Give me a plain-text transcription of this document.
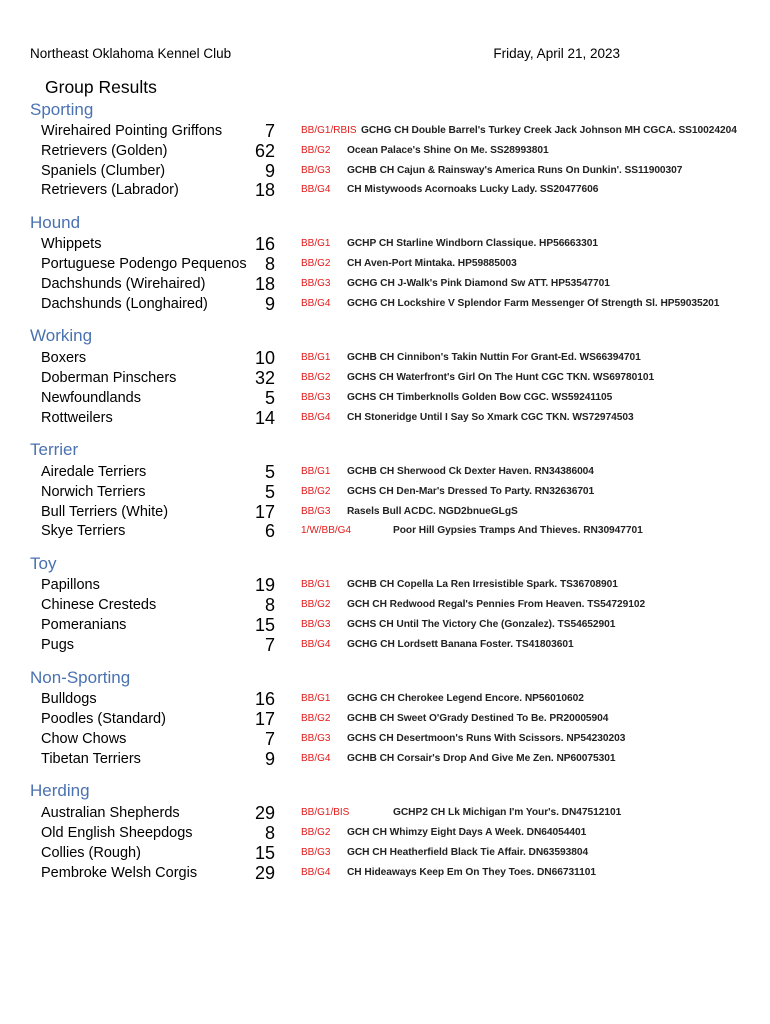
Northeast Oklahoma Kennel Club	Friday, April 21, 2023
Group Results
Sporting
Wirehaired Pointing Griffons	7	BB/G1/RBIS GCHG CH Double Barrel's Turkey Creek Jack Johnson MH CGCA. SS10024204
Retrievers (Golden)	62	BB/G2 Ocean Palace's Shine On Me. SS28993801
Spaniels (Clumber)	9	BB/G3 GCHB CH Cajun & Rainsway's America Runs On Dunkin'. SS11900307
Retrievers (Labrador)	18	BB/G4 CH Mistywoods Acornoaks Lucky Lady. SS20477606
Hound
Whippets	16	BB/G1 GCHP CH Starline Windborn Classique. HP56663301
Portuguese Podengo Pequenos	8	BB/G2 CH Aven-Port Mintaka. HP59885003
Dachshunds (Wirehaired)	18	BB/G3 GCHG CH J-Walk's Pink Diamond Sw ATT. HP53547701
Dachshunds (Longhaired)	9	BB/G4 GCHG CH Lockshire V Splendor Farm Messenger Of Strength Sl. HP59035201
Working
Boxers	10	BB/G1 GCHB CH Cinnibon's Takin Nuttin For Grant-Ed. WS66394701
Doberman Pinschers	32	BB/G2 GCHS CH Waterfront's Girl On The Hunt CGC TKN. WS69780101
Newfoundlands	5	BB/G3 GCHS CH Timberknolls Golden Bow CGC. WS59241105
Rottweilers	14	BB/G4 CH Stoneridge Until I Say So Xmark CGC TKN. WS72974503
Terrier
Airedale Terriers	5	BB/G1 GCHB CH Sherwood Ck Dexter Haven. RN34386004
Norwich Terriers	5	BB/G2 GCHS CH Den-Mar's Dressed To Party. RN32636701
Bull Terriers (White)	17	BB/G3 Rasels Bull ACDC. NGD2bnueGLgS
Skye Terriers	6	1/W/BB/G4	Poor Hill Gypsies Tramps And Thieves. RN30947701
Toy
Papillons	19	BB/G1 GCHB CH Copella La Ren Irresistible Spark. TS36708901
Chinese Cresteds	8	BB/G2 GCH CH Redwood Regal's Pennies From Heaven. TS54729102
Pomeranians	15	BB/G3 GCHS CH Until The Victory Che (Gonzalez). TS54652901
Pugs	7	BB/G4 GCHG CH Lordsett Banana Foster. TS41803601
Non-Sporting
Bulldogs	16	BB/G1 GCHG CH Cherokee Legend Encore. NP56010602
Poodles (Standard)	17	BB/G2 GCHB CH Sweet O'Grady Destined To Be. PR20005904
Chow Chows	7	BB/G3 GCHS CH Desertmoon's Runs With Scissors. NP54230203
Tibetan Terriers	9	BB/G4 GCHB CH Corsair's Drop And Give Me Zen. NP60075301
Herding
Australian Shepherds	29	BB/G1/BIS	GCHP2 CH Lk Michigan I'm Your's. DN47512101
Old English Sheepdogs	8	BB/G2 GCH CH Whimzy Eight Days A Week. DN64054401
Collies (Rough)	15	BB/G3 GCH CH Heatherfield Black Tie Affair. DN63593804
Pembroke Welsh Corgis	29	BB/G4 CH Hideaways Keep Em On They Toes. DN66731101
